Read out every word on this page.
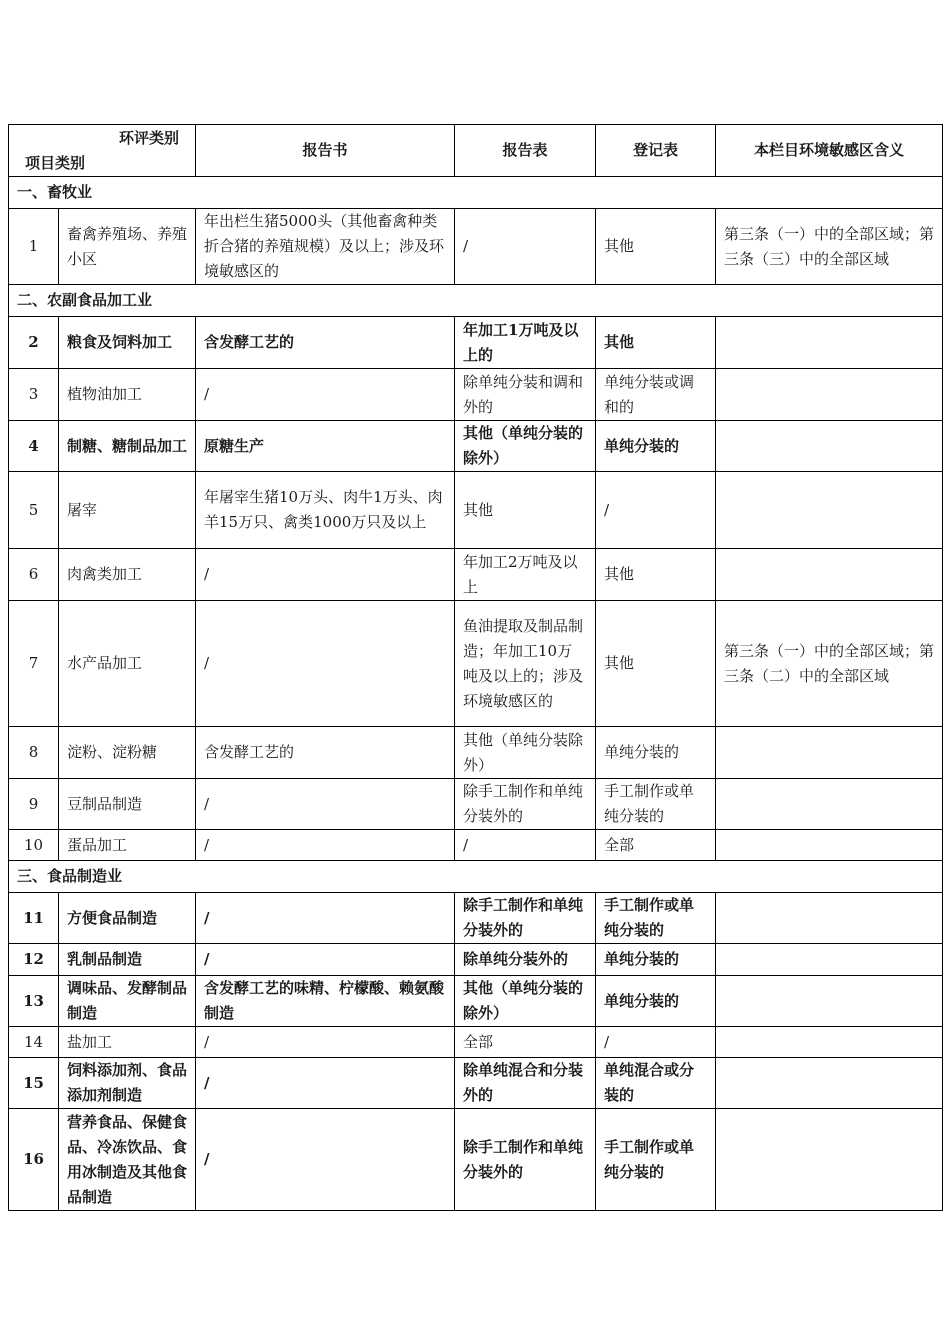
环评类别
项目类别		报告书	报告表	登记表	本栏目环境敏感区含义
一、畜牧业					
1	畜禽养殖场、养殖小区	年出栏生猪5000头（其他畜禽种类折合猪的养殖规模）及以上；涉及环境敏感区的	/	其他	第三条（一）中的全部区域；第三条（三）中的全部区域
二、农副食品加工业					
2	粮食及饲料加工	含发酵工艺的	年加工1万吨及以上的	其他	
3	植物油加工	/	除单纯分装和调和外的	单纯分装或调和的	
4	制糖、糖制品加工	原糖生产	其他（单纯分装的除外）	单纯分装的	
5	屠宰	年屠宰生猪10万头、肉牛1万头、肉羊15万只、禽类1000万只及以上	其他	/	
6	肉禽类加工	/	年加工2万吨及以上	其他	
7	水产品加工	/	鱼油提取及制品制造；年加工10万吨及以上的；涉及环境敏感区的	其他	第三条（一）中的全部区域；第三条（二）中的全部区域
8	淀粉、淀粉糖	含发酵工艺的	其他（单纯分装除外）	单纯分装的	
9	豆制品制造	/	除手工制作和单纯分装外的	手工制作或单纯分装的	
10	蛋品加工	/	/	全部	
三、食品制造业					
11	方便食品制造	/	除手工制作和单纯分装外的	手工制作或单纯分装的	
12	乳制品制造	/	除单纯分装外的	单纯分装的	
13	调味品、发酵制品制造	含发酵工艺的味精、柠檬酸、赖氨酸制造	其他（单纯分装的除外）	单纯分装的	
14	盐加工	/	全部	/	
15	饲料添加剂、食品添加剂制造	/	除单纯混合和分装外的	单纯混合或分装的	
16	营养食品、保健食品、冷冻饮品、食用冰制造及其他食品制造	/	除手工制作和单纯分装外的	手工制作或单纯分装的	
